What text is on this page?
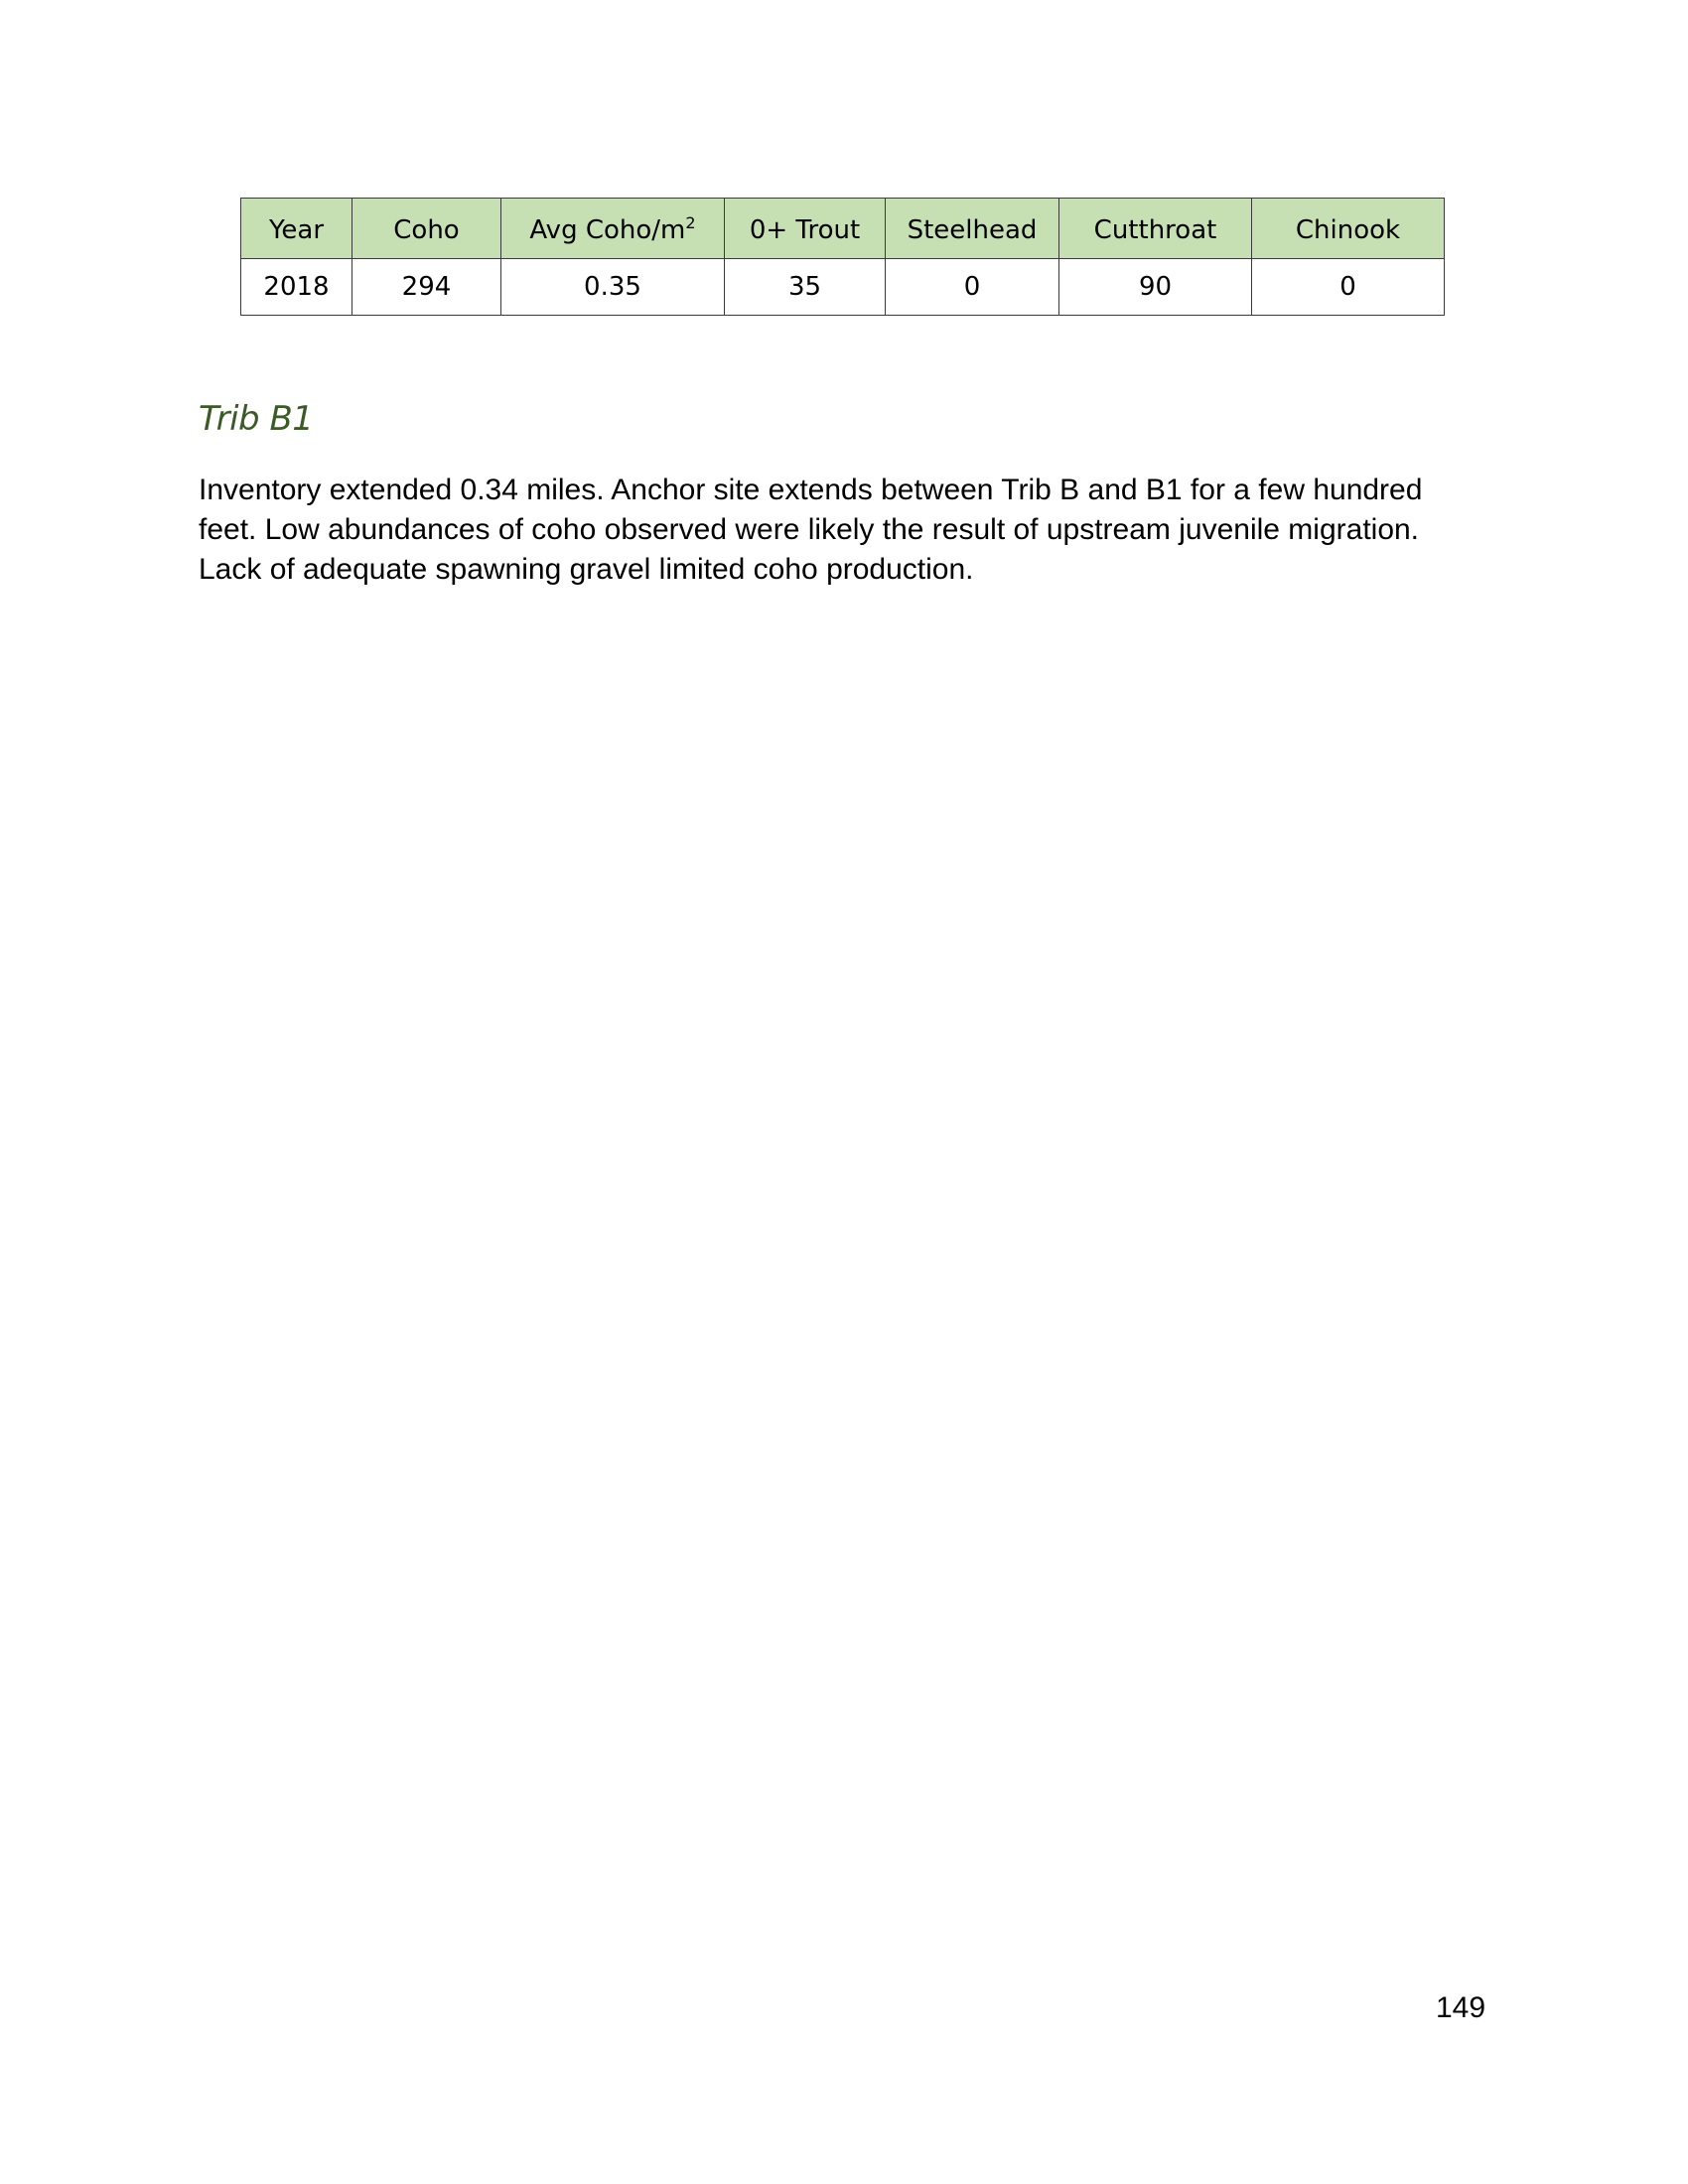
Year	Coho	Avg Coho/$m^2$	0+ Trout	Steelhead	Cutthroat	Chinook
2018	294	0.35	35	0	90	0
Trib B1

Inventory extended 0.34 miles. Anchor site extends between Trib B and B1 for a few hundred feet. Low abundances of coho observed were likely the result of upstream juvenile migration. Lack of adequate spawning gravel limited coho production.

149
